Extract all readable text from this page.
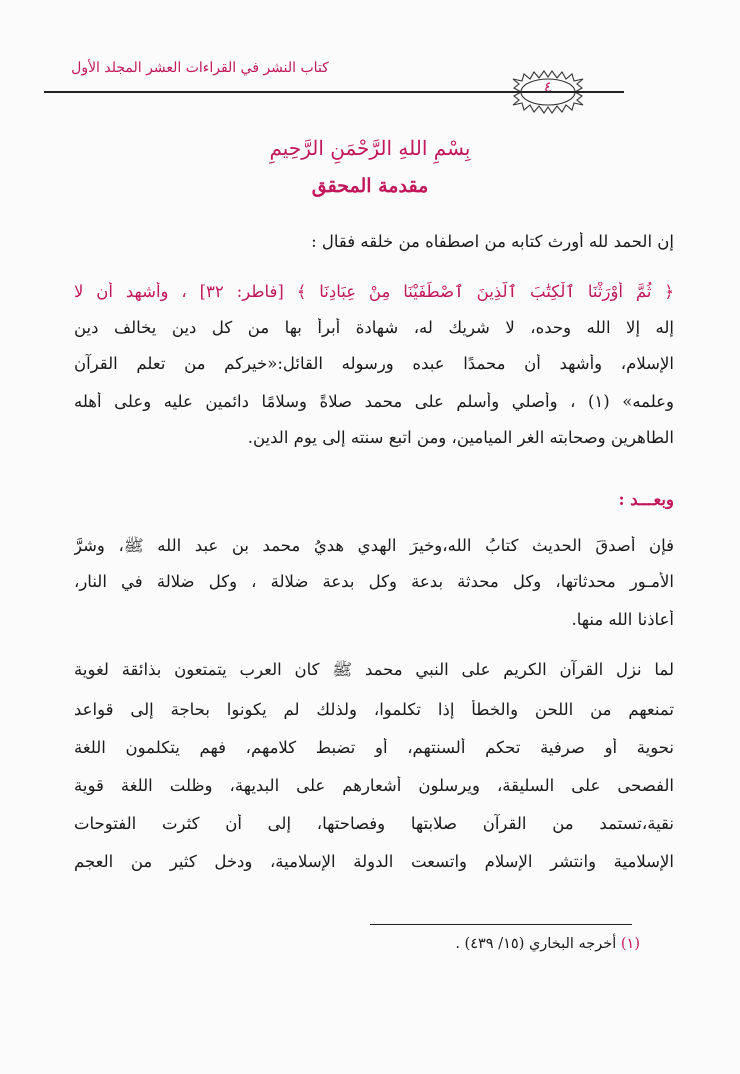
كتاب النشر في القراءات العشر المجلد الأول
٤
بِسْمِ اللهِ الرَّحْمَنِ الرَّحِيمِ
مقدمة المحقق
إن الحمد لله أورث كتابه من اصطفاه من خلقه فقال :
﴿ ثُمَّ أَوْرَثْنَا ٱلْكِتَٰبَ ٱلَّذِينَ ٱصْطَفَيْنَا مِنْ عِبَادِنَا ﴾ [فاطر: ٣٢] ، وأشهد أن لا
إله إلا الله وحده، لا شريك له، شهادة أبرأ بها من كل دين يخالف دين
الإسلام، وأشهد أن محمدًا عبده ورسوله القائل:«خيركم من تعلم القرآن
وعلمه» (١) ، وأصلي وأسلم على محمد صلاةً وسلامًا دائمين عليه وعلى أهله
الطاهرين وصحابته الغر الميامين، ومن اتبع سنته إلى يوم الدين.
وبعـــد :
فإن أصدقَ الحديث كتابُ الله،وخيرَ الهدي هديُ محمد بن عبد الله ﷺ، وشرَّ
الأمـور محدثاتها، وكل محدثة بدعة وكل بدعة ضلالة ، وكل ضلالة في النار،
أعاذنا الله منها.
لما نزل القرآن الكريم على النبي محمد ﷺ كان العرب يتمتعون بذائقة لغوية
تمنعهم من اللحن والخطأ إذا تكلموا، ولذلك لم يكونوا بحاجة إلى قواعد
نحوية أو صرفية تحكم ألسنتهم، أو تضبط كلامهم، فهم يتكلمون اللغة
الفصحى على السليقة، ويرسلون أشعارهم على البديهة، وظلت اللغة قوية
نقية،تستمد من القرآن صلابتها وفصاحتها، إلى أن كثرت الفتوحات
الإسلامية وانتشر الإسلام واتسعت الدولة الإسلامية، ودخل كثير من العجم
(١) أخرجه البخاري (١٥/ ٤٣٩) .
